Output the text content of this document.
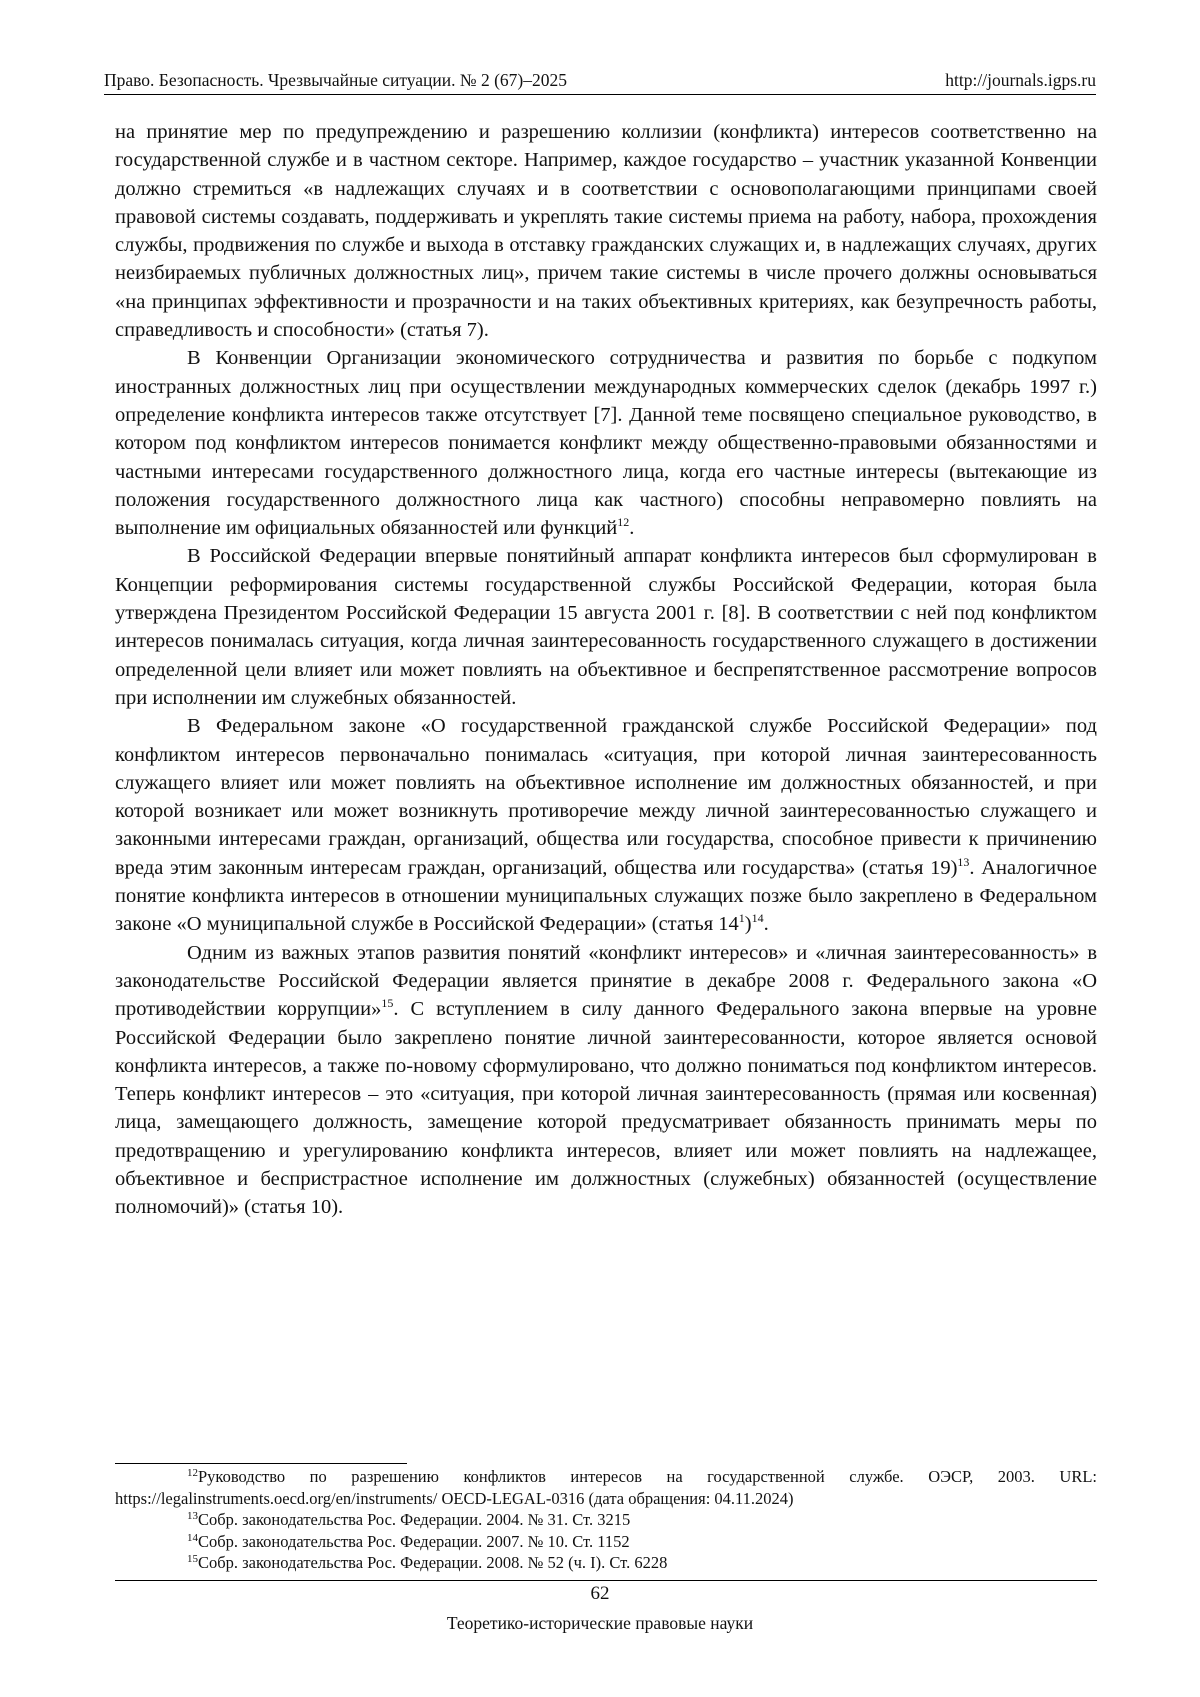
Право. Безопасность. Чрезвычайные ситуации. № 2 (67)–2025	http://journals.igps.ru

на принятие мер по предупреждению и разрешению коллизии (конфликта) интересов соответственно на государственной службе и в частном секторе. Например, каждое государство – участник указанной Конвенции должно стремиться «в надлежащих случаях и в соответствии с основополагающими принципами своей правовой системы создавать, поддерживать и укреплять такие системы приема на работу, набора, прохождения службы, продвижения по службе и выхода в отставку гражданских служащих и, в надлежащих случаях, других неизбираемых публичных должностных лиц», причем такие системы в числе прочего должны основываться «на принципах эффективности и прозрачности и на таких объективных критериях, как безупречность работы, справедливость и способности» (статья 7).

В Конвенции Организации экономического сотрудничества и развития по борьбе с подкупом иностранных должностных лиц при осуществлении международных коммерческих сделок (декабрь 1997 г.) определение конфликта интересов также отсутствует [7]. Данной теме посвящено специальное руководство, в котором под конфликтом интересов понимается конфликт между общественно-правовыми обязанностями и частными интересами государственного должностного лица, когда его частные интересы (вытекающие из положения государственного должностного лица как частного) способны неправомерно повлиять на выполнение им официальных обязанностей или функций$^{12}$.

В Российской Федерации впервые понятийный аппарат конфликта интересов был сформулирован в Концепции реформирования системы государственной службы Российской Федерации, которая была утверждена Президентом Российской Федерации 15 августа 2001 г. [8]. В соответствии с ней под конфликтом интересов понималась ситуация, когда личная заинтересованность государственного служащего в достижении определенной цели влияет или может повлиять на объективное и беспрепятственное рассмотрение вопросов при исполнении им служебных обязанностей.

В Федеральном законе «О государственной гражданской службе Российской Федерации» под конфликтом интересов первоначально понималась «ситуация, при которой личная заинтересованность служащего влияет или может повлиять на объективное исполнение им должностных обязанностей, и при которой возникает или может возникнуть противоречие между личной заинтересованностью служащего и законными интересами граждан, организаций, общества или государства, способное привести к причинению вреда этим законным интересам граждан, организаций, общества или государства» (статья 19)$^{13}$. Аналогичное понятие конфликта интересов в отношении муниципальных служащих позже было закреплено в Федеральном законе «О муниципальной службе в Российской Федерации» (статья $14^1)^{14}$.

Одним из важных этапов развития понятий «конфликт интересов» и «личная заинтересованность» в законодательстве Российской Федерации является принятие в декабре 2008 г. Федерального закона «О противодействии коррупции»$^{15}$. С вступлением в силу данного Федерального закона впервые на уровне Российской Федерации было закреплено понятие личной заинтересованности, которое является основой конфликта интересов, а также по-новому сформулировано, что должно пониматься под конфликтом интересов. Теперь конфликт интересов – это «ситуация, при которой личная заинтересованность (прямая или косвенная) лица, замещающего должность, замещение которой предусматривает обязанность принимать меры по предотвращению и урегулированию конфликта интересов, влияет или может повлиять на надлежащее, объективное и беспристрастное исполнение им должностных (служебных) обязанностей (осуществление полномочий)» (статья 10).

$^{12}$Руководство по разрешению конфликтов интересов на государственной службе. ОЭСР, 2003. URL: https://legalinstruments.oecd.org/en/instruments/ OECD-LEGAL-0316 (дата обращения: 04.11.2024)

$^{13}$Собр. законодательства Рос. Федерации. 2004. № 31. Ст. 3215

$^{14}$Собр. законодательства Рос. Федерации. 2007. № 10. Ст. 1152

$^{15}$Собр. законодательства Рос. Федерации. 2008. № 52 (ч. I). Ст. 6228

62
Теоретико-исторические правовые науки
